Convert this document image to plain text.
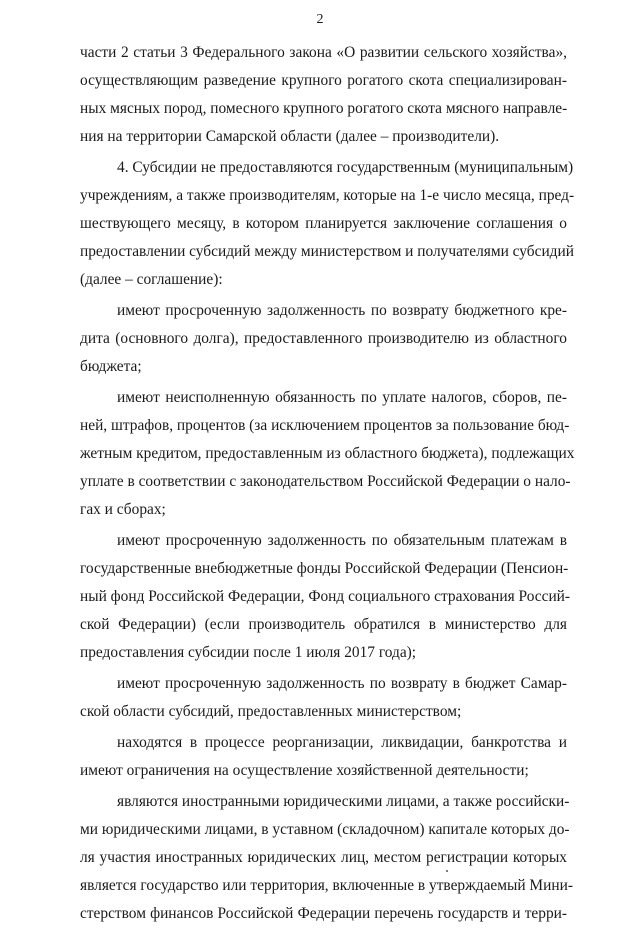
2
части 2 статьи 3 Федерального закона «О развитии сельского хозяйства»,
осуществляющим разведение крупного рогатого скота специализирован-
ных мясных пород, помесного крупного рогатого скота мясного направле-
ния на территории Самарской области (далее – производители).
4. Субсидии не предоставляются государственным (муниципальным)
учреждениям, а также производителям, которые на 1-е число месяца, пред-
шествующего месяцу, в котором планируется заключение соглашения о
предоставлении субсидий между министерством и получателями субсидий
(далее – соглашение):
имеют просроченную задолженность по возврату бюджетного кре-
дита (основного долга), предоставленного производителю из областного
бюджета;
имеют неисполненную обязанность по уплате налогов, сборов, пе-
ней, штрафов, процентов (за исключением процентов за пользование бюд-
жетным кредитом, предоставленным из областного бюджета), подлежащих
уплате в соответствии с законодательством Российской Федерации о нало-
гах и сборах;
имеют просроченную задолженность по обязательным платежам в
государственные внебюджетные фонды Российской Федерации (Пенсион-
ный фонд Российской Федерации, Фонд социального страхования Россий-
ской Федерации) (если производитель обратился в министерство для
предоставления субсидии после 1 июля 2017 года);
имеют просроченную задолженность по возврату в бюджет Самар-
ской области субсидий, предоставленных министерством;
находятся в процессе реорганизации, ликвидации, банкротства и
имеют ограничения на осуществление хозяйственной деятельности;
являются иностранными юридическими лицами, а также российски-
ми юридическими лицами, в уставном (складочном) капитале которых до-
ля участия иностранных юридических лиц, местом регистрации которых
является государство или территория, включенные в утверждаемый Мини-
стерством финансов Российской Федерации перечень государств и терри-
